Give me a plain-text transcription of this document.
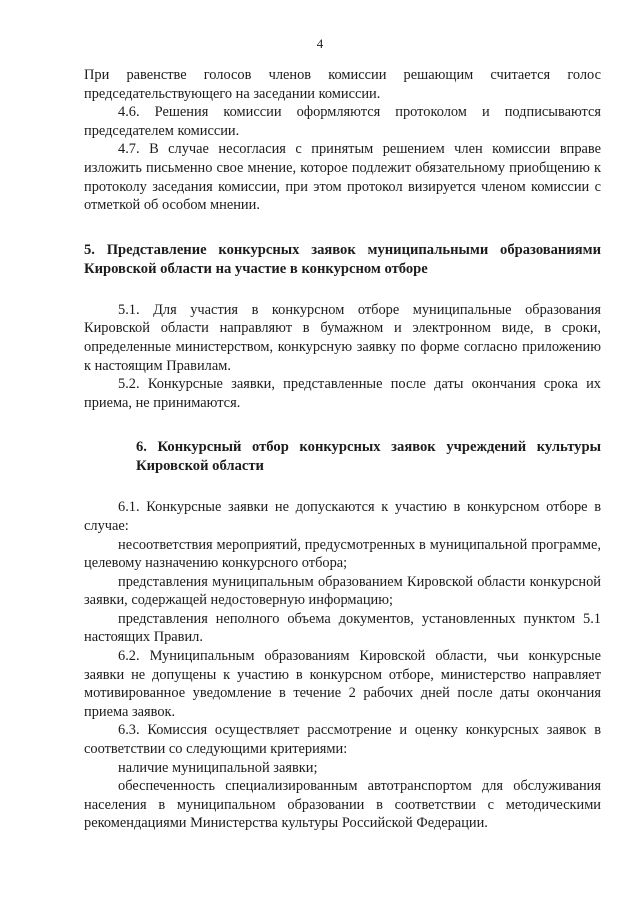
4

При равенстве голосов членов комиссии решающим считается голос председательствующего на заседании комиссии.

4.6. Решения комиссии оформляются протоколом и подписываются председателем комиссии.

4.7. В случае несогласия с принятым решением член комиссии вправе изложить письменно свое мнение, которое подлежит обязательному приобщению к протоколу заседания комиссии, при этом протокол визируется членом комиссии с отметкой об особом мнении.

5. Представление конкурсных заявок муниципальными образованиями Кировской области на участие в конкурсном отборе

5.1. Для участия в конкурсном отборе муниципальные образования Кировской области направляют в бумажном и электронном виде, в сроки, определенные министерством, конкурсную заявку по форме согласно приложению к настоящим Правилам.

5.2. Конкурсные заявки, представленные после даты окончания срока их приема, не принимаются.

6. Конкурсный отбор конкурсных заявок учреждений культуры Кировской области

6.1. Конкурсные заявки не допускаются к участию в конкурсном отборе в случае:

несоответствия мероприятий, предусмотренных в муниципальной программе, целевому назначению конкурсного отбора;

представления муниципальным образованием Кировской области конкурсной заявки, содержащей недостоверную информацию;

представления неполного объема документов, установленных пунктом 5.1 настоящих Правил.

6.2. Муниципальным образованиям Кировской области, чьи конкурсные заявки не допущены к участию в конкурсном отборе, министерство направляет мотивированное уведомление в течение 2 рабочих дней после даты окончания приема заявок.

6.3. Комиссия осуществляет рассмотрение и оценку конкурсных заявок в соответствии со следующими критериями:

наличие муниципальной заявки;

обеспеченность специализированным автотранспортом для обслуживания населения в муниципальном образовании в соответствии с методическими рекомендациями Министерства культуры Российской Федерации.
